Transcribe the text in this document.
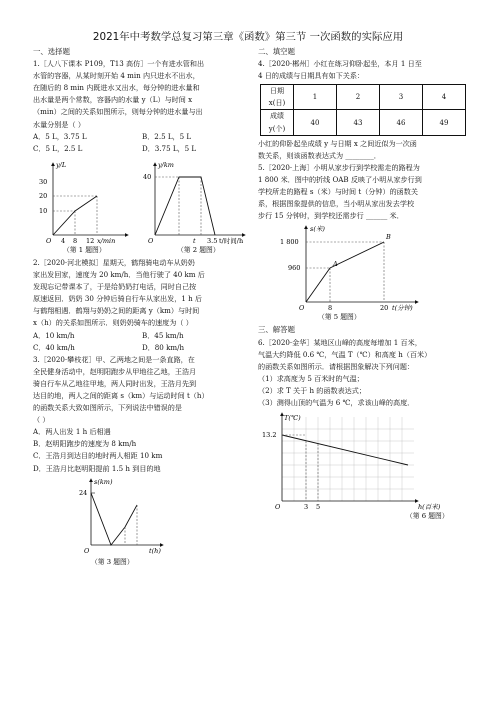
2021年中考数学总复习第三章《函数》第三节 一次函数的实际应用

一、选择题

1.［人八下课本 P109，T13 高仿］一个有进水管和出

水管的容器，从某时刻开始 4 min 内只进水不出水，

在随后的 8 min 内既进水又出水，每分钟的进水量和

出水量是两个常数，容器内的水量 y（L）与时间 x

（min）之间的关系如图所示，则每分钟的进水量与出

水量分别是（ ）

A．5 L，3.75 L	B．2.5 L，5 L
C．5 L，2.5 L	D．3.75 L，5 L
y/L
30
20
10
O 4 8 12 x/min
（第 1 题图）
y/km
40
O	t 3.5 t/时间/h
（第 2 题图）

2.［2020·河北模拟］星期天，鹤翔骑电动车从奶奶

家出发回家，速度为 20 km/h．当他行驶了 40 km 后

发现忘记带课本了，于是给奶奶打电话，同时自己按

原速返回．奶奶 30 分钟后骑自行车从家出发，1 h 后

与鹤翔相遇．鹤翔与奶奶之间的距离 y（km）与时间

x（h）的关系如图所示．则奶奶骑车的速度为（ ）

A．10 km/h	B．45 km/h
C．40 km/h	D．80 km/h

3.［2020·攀枝花］甲、乙两地之间是一条直路，在

全民健身活动中，赵明阳跑步从甲地往乙地，王浩月

骑自行车从乙地往甲地，两人同时出发，王浩月先到

达目的地，两人之间的距离 s（km）与运动时间 t（h）

的函数关系大致如图所示，下列说法中错误的是

（ ）

A．两人出发 1 h 后相遇

B．赵明阳跑步的速度为 8 km/h

C．王浩月到达目的地时两人相距 10 km

D．王浩月比赵明阳提前 1.5 h 到目的地

s(km)
24
O	t(h)
（第 3 题图）

二、填空题

4.［2020·郴州］小红在练习仰卧起坐，本月 1 日至

4 日的成绩与日期具有如下关系：

日期 x(日)	1	2	3	4
成绩 y(个)	40	43	46	49

小红的仰卧起坐成绩 y 与日期 x 之间近似为一次函

数关系，则该函数表达式为 ________．

5.［2020·上海］小明从家步行到学校需走的路程为

1 800 米．图中的折线 OAB 反映了小明从家步行到

学校所走的路程 s（米）与时间 t（分钟）的函数关

系，根据图象提供的信息，当小明从家出发去学校

步行 15 分钟时，到学校还需步行 ______ 米．

s(米)
1 800
960	A
B
O	8	20 t(分钟)
（第 5 题图）

三、解答题

6.［2020·金华］某地区山峰的高度每增加 1 百米，

气温大约降低 0.6 ℃，气温 T（℃）和高度 h（百米）

的函数关系如图所示．请根据图象解决下列问题：

（1）求高度为 5 百米时的气温；

（2）求 T 关于 h 的函数表达式；

（3）测得山顶的气温为 6 ℃，求该山峰的高度．

T(℃)
13.2
O	3 5	h(百米)
（第 6 题图）
